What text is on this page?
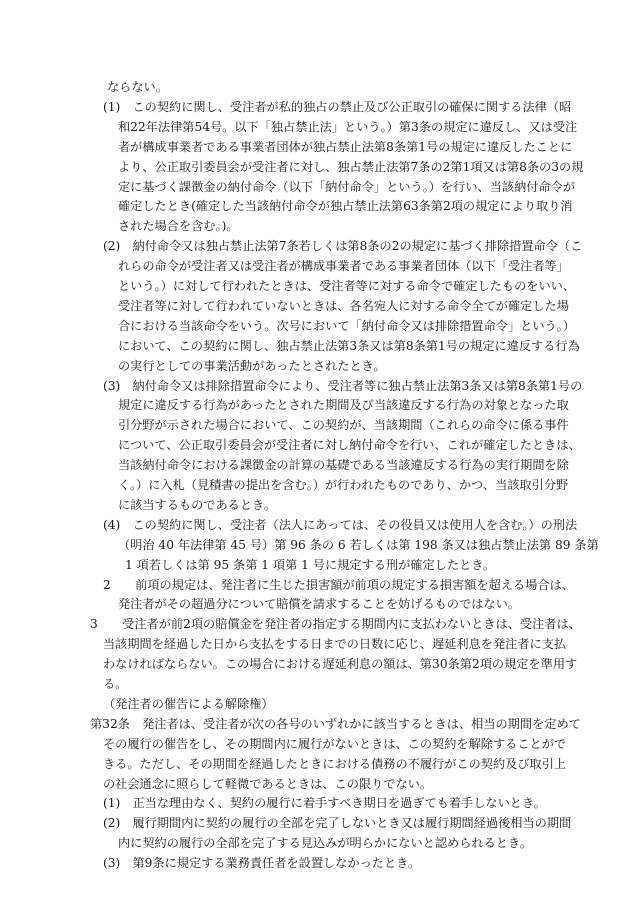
ならない。
(1)　この契約に関し、受注者が私的独占の禁止及び公正取引の確保に関する法律（昭
和22年法律第54号。以下「独占禁止法」という。）第3条の規定に違反し、又は受注
者が構成事業者である事業者団体が独占禁止法第8条第1号の規定に違反したことに
より、公正取引委員会が受注者に対し、独占禁止法第7条の2第1項又は第8条の3の規
定に基づく課徴金の納付命令（以下「納付命令」という。）を行い、当該納付命令が
確定したとき(確定した当該納付命令が独占禁止法第63条第2項の規定により取り消
された場合を含む。)。
(2)　納付命令又は独占禁止法第7条若しくは第8条の2の規定に基づく排除措置命令（こ
れらの命令が受注者又は受注者が構成事業者である事業者団体（以下「受注者等」
という。）に対して行われたときは、受注者等に対する命令で確定したものをいい、
受注者等に対して行われていないときは、各名宛人に対する命令全てが確定した場
合における当該命令をいう。次号において「納付命令又は排除措置命令」という。）
において、この契約に関し、独占禁止法第3条又は第8条第1号の規定に違反する行為
の実行としての事業活動があったとされたとき。
(3)　納付命令又は排除措置命令により、受注者等に独占禁止法第3条又は第8条第1号の
規定に違反する行為があったとされた期間及び当該違反する行為の対象となった取
引分野が示された場合において、この契約が、当該期間（これらの命令に係る事件
について、公正取引委員会が受注者に対し納付命令を行い、これが確定したときは、
当該納付命令における課徴金の計算の基礎である当該違反する行為の実行期間を除
く。）に入札（見積書の提出を含む。）が行われたものであり、かつ、当該取引分野
に該当するものであるとき。
(4)　この契約に関し、受注者（法人にあっては、その役員又は使用人を含む。）の刑法
（明治 40 年法律第 45 号）第 96 条の 6 若しくは第 198 条又は独占禁止法第 89 条第
1 項若しくは第 95 条第 1 項第 1 号に規定する刑が確定したとき。
2　　前項の規定は、発注者に生じた損害額が前項の規定する損害額を超える場合は、
発注者がその超過分について賠償を請求することを妨げるものではない。
3　　受注者が前2項の賠償金を発注者の指定する期間内に支払わないときは、受注者は、
当該期間を経過した日から支払をする日までの日数に応じ、遅延利息を発注者に支払
わなければならない。この場合における遅延利息の額は、第30条第2項の規定を準用す
る。
（発注者の催告による解除権）
第32条　発注者は、受注者が次の各号のいずれかに該当するときは、相当の期間を定めて
その履行の催告をし、その期間内に履行がないときは、この契約を解除することがで
きる。ただし、その期間を経過したときにおける債務の不履行がこの契約及び取引上
の社会通念に照らして軽微であるときは、この限りでない。
(1)　正当な理由なく、契約の履行に着手すべき期日を過ぎても着手しないとき。
(2)　履行期間内に契約の履行の全部を完了しないとき又は履行期間経過後相当の期間
内に契約の履行の全部を完了する見込みが明らかにないと認められるとき。
(3)　第9条に規定する業務責任者を設置しなかったとき。
